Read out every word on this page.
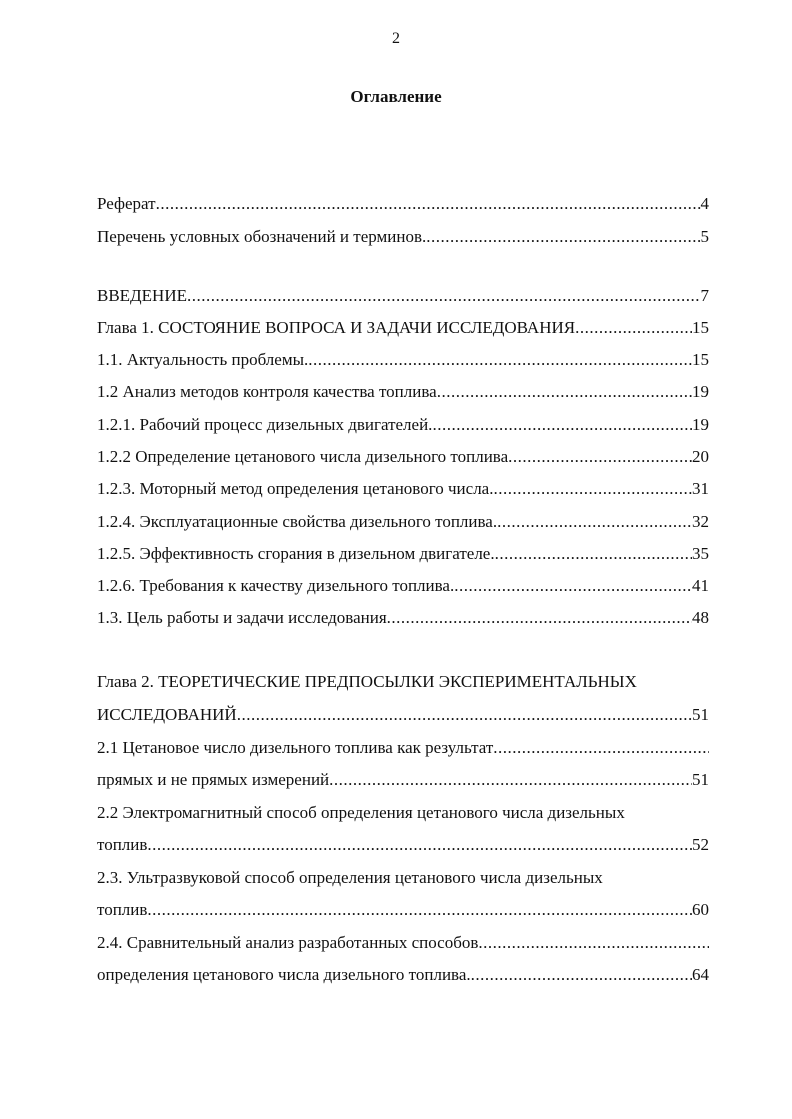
2
Оглавление
Реферат .....	4
Перечень условных обозначений и терминов. .....	5
ВВЕДЕНИЕ .....	7
Глава 1. СОСТОЯНИЕ ВОПРОСА И ЗАДАЧИ ИССЛЕДОВАНИЯ .....	15
1.1. Актуальность проблемы. .....	15
1.2 Анализ методов контроля качества топлива .....	19
1.2.1. Рабочий процесс дизельных двигателей. .....	19
1.2.2 Определение цетанового числа дизельного топлива .....	20
1.2.3. Моторный метод определения цетанового числа. .....	31
1.2.4. Эксплуатационные свойства дизельного топлива. .....	32
1.2.5. Эффективность сгорания в дизельном двигателе. .....	35
1.2.6. Требования к качеству дизельного топлива. .....	41
1.3. Цель работы и задачи исследования .....	48
Глава 2. ТЕОРЕТИЧЕСКИЕ ПРЕДПОСЫЛКИ ЭКСПЕРИМЕНТАЛЬНЫХ
ИССЛЕДОВАНИЙ .....	51
2.1 Цетановое число дизельного топлива как результат
.....
прямых и не прямых измерений .....	51
2.2 Электромагнитный способ определения цетанового числа дизельных
топлив .....	52
2.3. Ультразвуковой способ определения цетанового числа дизельных
топлив .....	60
2.4. Сравнительный анализ разработанных способов
.....
определения цетанового числа дизельного топлива. .....	64
